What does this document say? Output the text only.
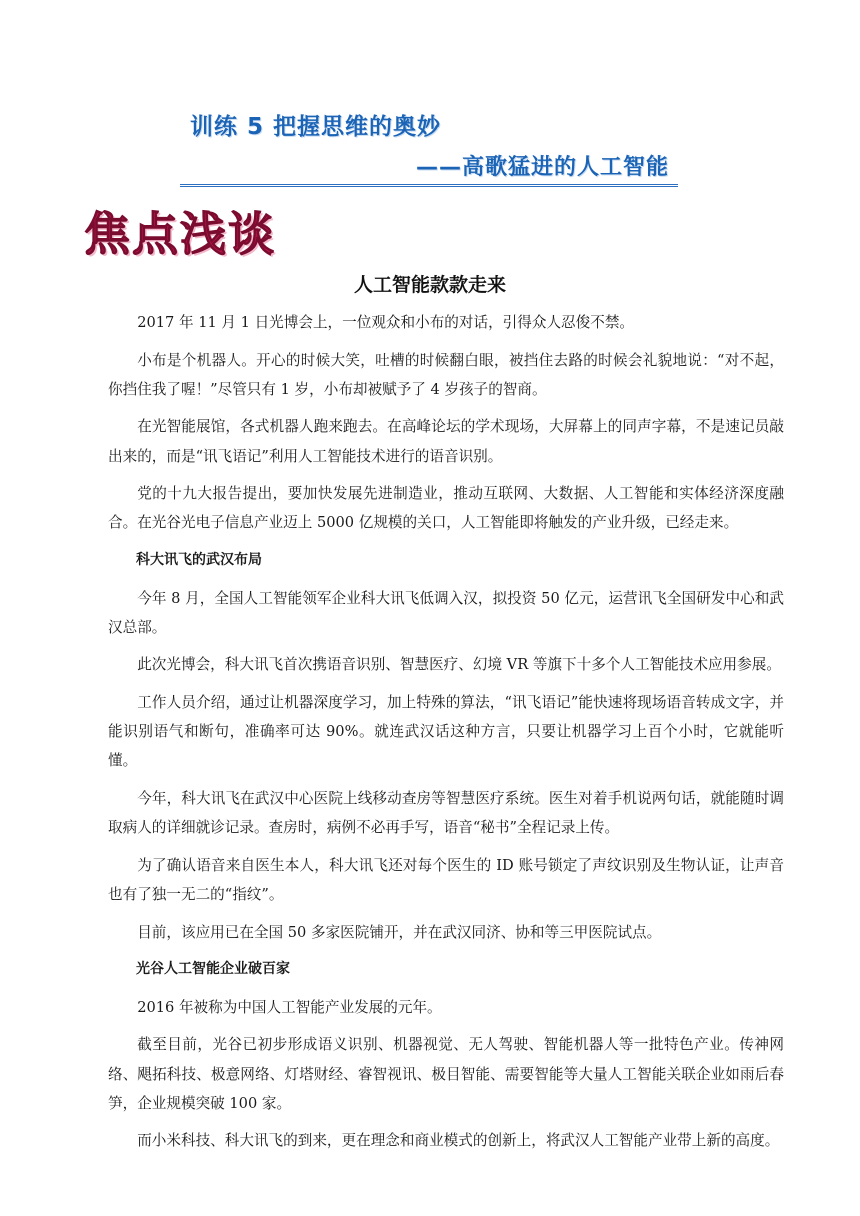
训练 5 把握思维的奥妙
——高歌猛进的人工智能
焦点浅谈
人工智能款款走来

2017 年 11 月 1 日光博会上，一位观众和小布的对话，引得众人忍俊不禁。

小布是个机器人。开心的时候大笑，吐槽的时候翻白眼，被挡住去路的时候会礼貌地说：“对不起，你挡住我了喔！”尽管只有 1 岁，小布却被赋予了 4 岁孩子的智商。

在光智能展馆，各式机器人跑来跑去。在高峰论坛的学术现场，大屏幕上的同声字幕，不是速记员敲出来的，而是“讯飞语记”利用人工智能技术进行的语音识别。

党的十九大报告提出，要加快发展先进制造业，推动互联网、大数据、人工智能和实体经济深度融合。在光谷光电子信息产业迈上 5000 亿规模的关口，人工智能即将触发的产业升级，已经走来。

科大讯飞的武汉布局

今年 8 月，全国人工智能领军企业科大讯飞低调入汉，拟投资 50 亿元，运营讯飞全国研发中心和武汉总部。

此次光博会，科大讯飞首次携语音识别、智慧医疗、幻境 VR 等旗下十多个人工智能技术应用参展。

工作人员介绍，通过让机器深度学习，加上特殊的算法，“讯飞语记”能快速将现场语音转成文字，并能识别语气和断句，准确率可达 90%。就连武汉话这种方言，只要让机器学习上百个小时，它就能听懂。

今年，科大讯飞在武汉中心医院上线移动查房等智慧医疗系统。医生对着手机说两句话，就能随时调取病人的详细就诊记录。查房时，病例不必再手写，语音“秘书”全程记录上传。

为了确认语音来自医生本人，科大讯飞还对每个医生的 ID 账号锁定了声纹识别及生物认证，让声音也有了独一无二的“指纹”。

目前，该应用已在全国 50 多家医院铺开，并在武汉同济、协和等三甲医院试点。

光谷人工智能企业破百家

2016 年被称为中国人工智能产业发展的元年。

截至目前，光谷已初步形成语义识别、机器视觉、无人驾驶、智能机器人等一批特色产业。传神网络、飓拓科技、极意网络、灯塔财经、睿智视讯、极目智能、需要智能等大量人工智能关联企业如雨后春笋，企业规模突破 100 家。

而小米科技、科大讯飞的到来，更在理念和商业模式的创新上，将武汉人工智能产业带上新的高度。
